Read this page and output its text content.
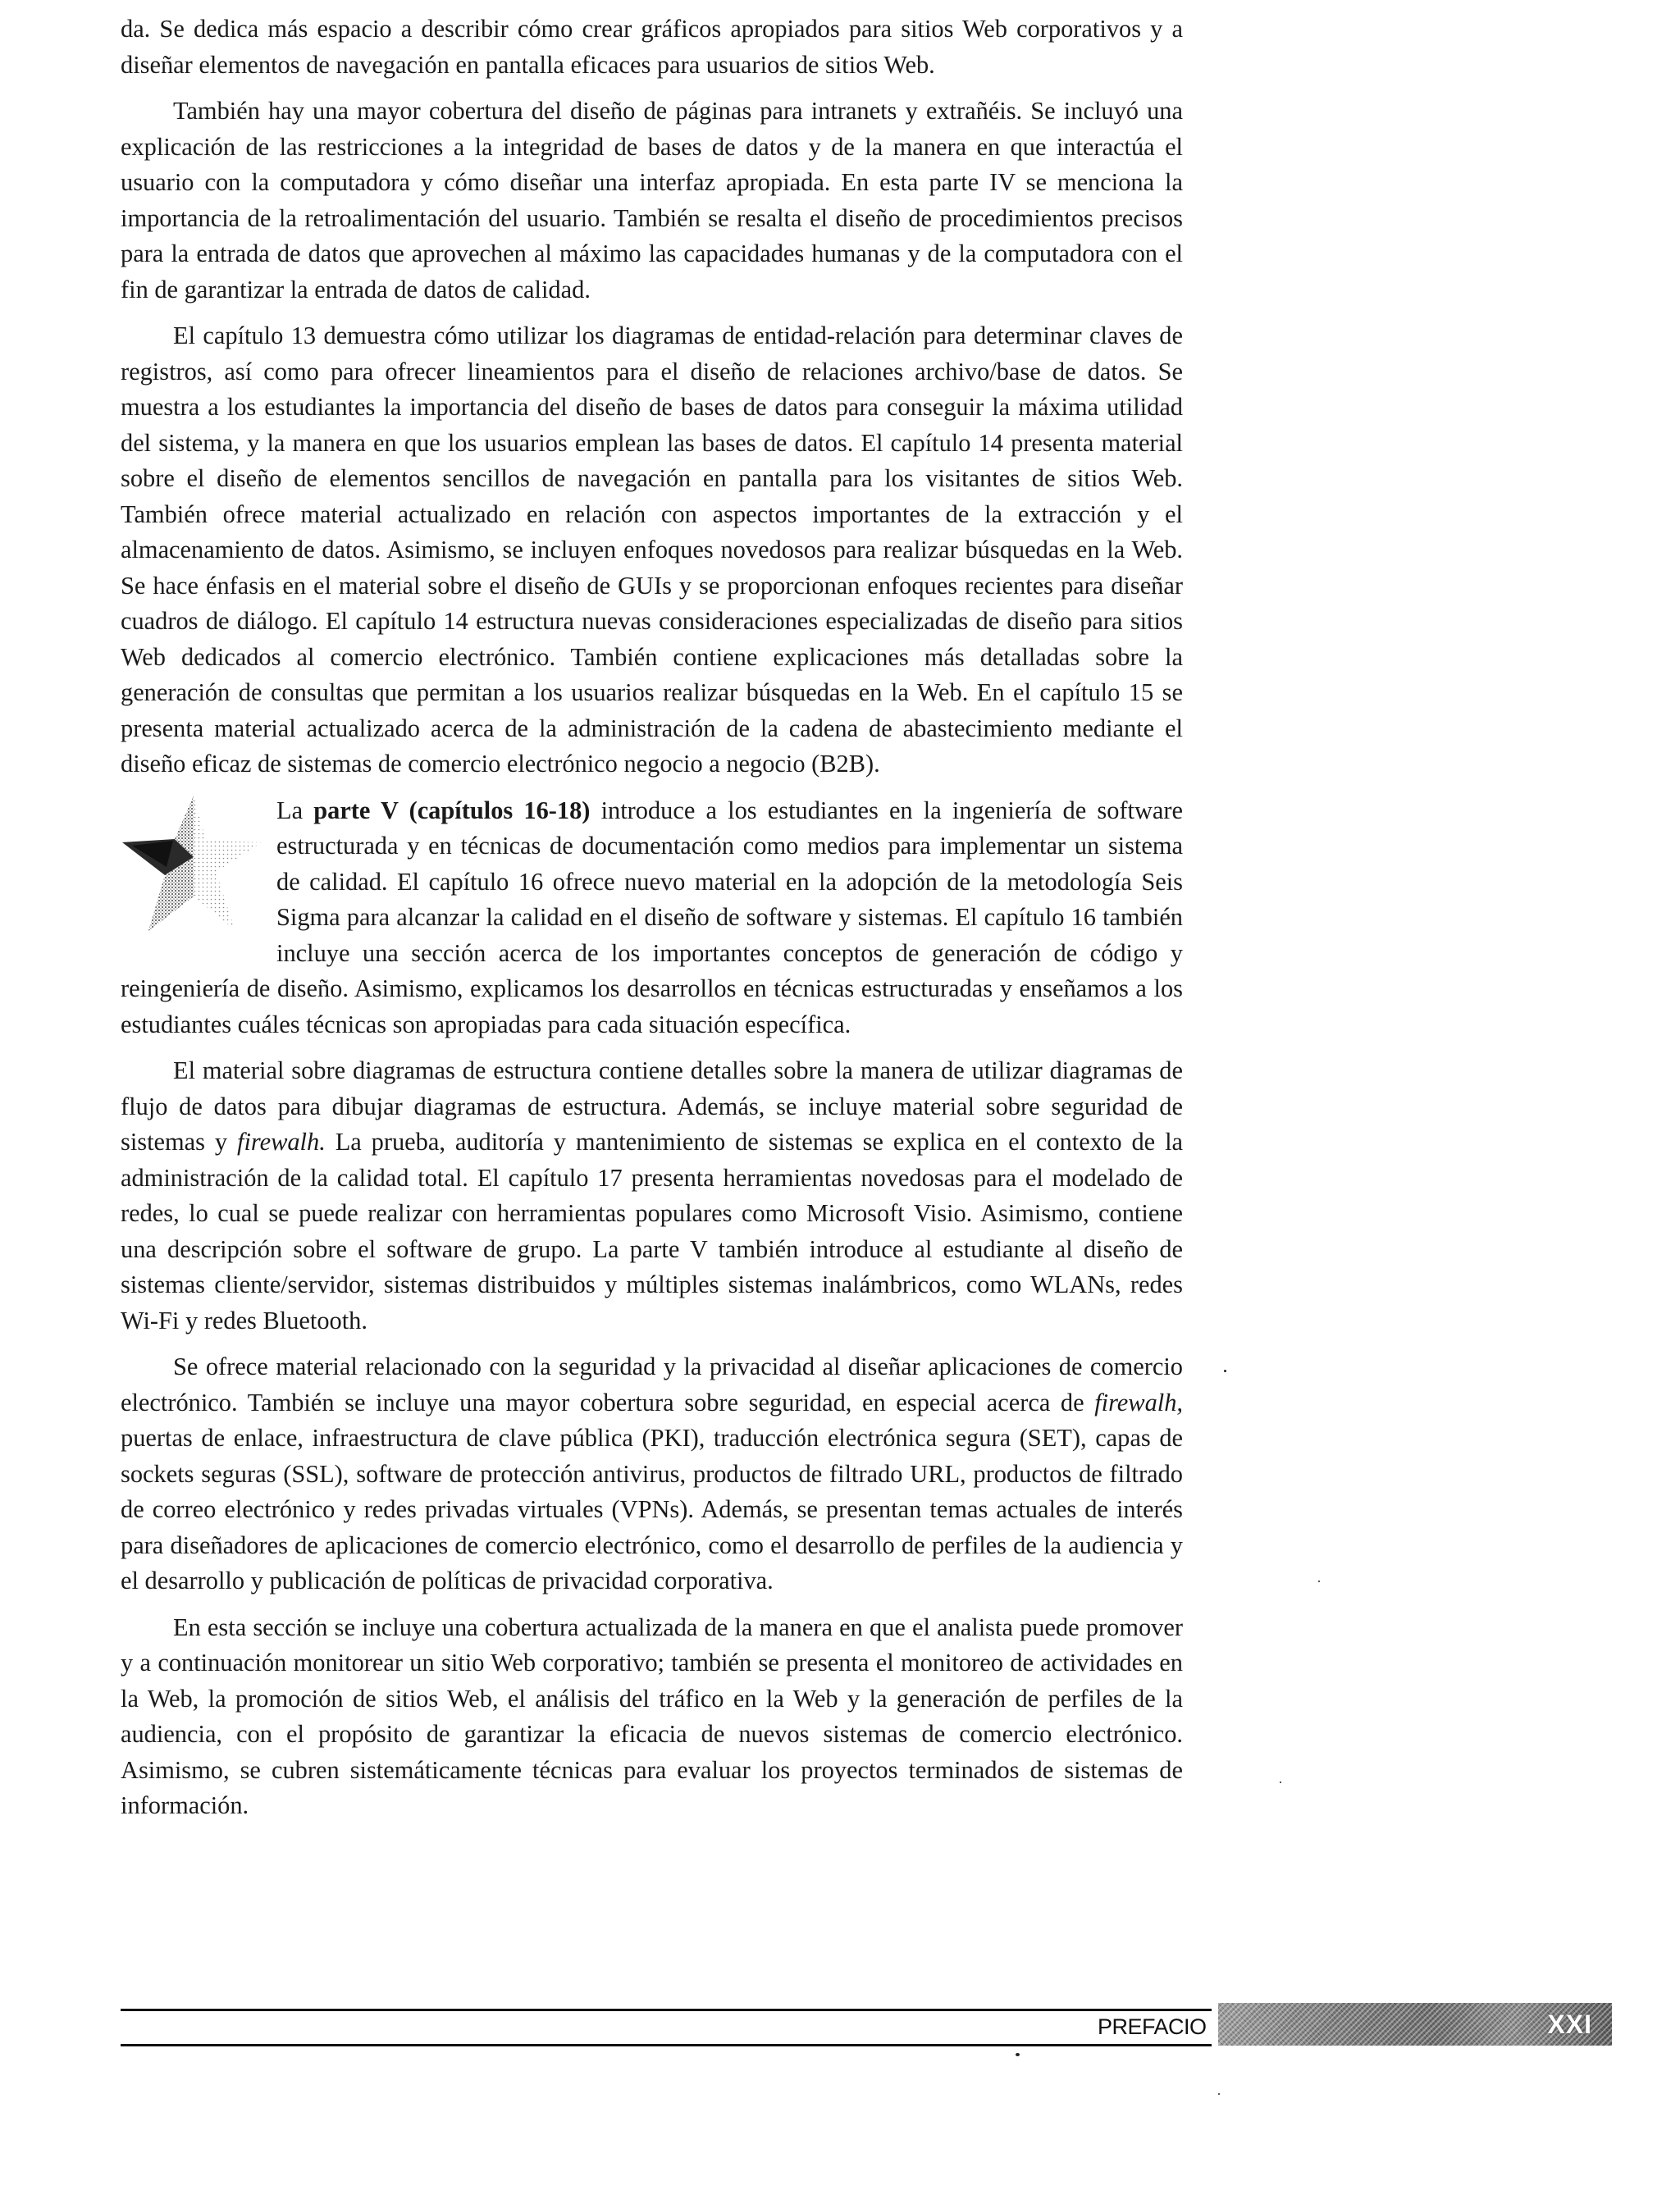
da. Se dedica más espacio a describir cómo crear gráficos apropiados para sitios Web corporativos y a diseñar elementos de navegación en pantalla eficaces para usuarios de sitios Web.

También hay una mayor cobertura del diseño de páginas para intranets y extrañéis. Se incluyó una explicación de las restricciones a la integridad de bases de datos y de la manera en que interactúa el usuario con la computadora y cómo diseñar una interfaz apropiada. En esta parte IV se menciona la importancia de la retroalimentación del usuario. También se resalta el diseño de procedimientos precisos para la entrada de datos que aprovechen al máximo las capacidades humanas y de la computadora con el fin de garantizar la entrada de datos de calidad.

El capítulo 13 demuestra cómo utilizar los diagramas de entidad-relación para determinar claves de registros, así como para ofrecer lineamientos para el diseño de relaciones archivo/base de datos. Se muestra a los estudiantes la importancia del diseño de bases de datos para conseguir la máxima utilidad del sistema, y la manera en que los usuarios emplean las bases de datos. El capítulo 14 presenta material sobre el diseño de elementos sencillos de navegación en pantalla para los visitantes de sitios Web. También ofrece material actualizado en relación con aspectos importantes de la extracción y el almacenamiento de datos. Asimismo, se incluyen enfoques novedosos para realizar búsquedas en la Web. Se hace énfasis en el material sobre el diseño de GUIs y se proporcionan enfoques recientes para diseñar cuadros de diálogo. El capítulo 14 estructura nuevas consideraciones especializadas de diseño para sitios Web dedicados al comercio electrónico. También contiene explicaciones más detalladas sobre la generación de consultas que permitan a los usuarios realizar búsquedas en la Web. En el capítulo 15 se presenta material actualizado acerca de la administración de la cadena de abastecimiento mediante el diseño eficaz de sistemas de comercio electrónico negocio a negocio (B2B).

La parte V (capítulos 16-18) introduce a los estudiantes en la ingeniería de software estructurada y en técnicas de documentación como medios para implementar un sistema de calidad. El capítulo 16 ofrece nuevo material en la adopción de la metodología Seis Sigma para alcanzar la calidad en el diseño de software y sistemas. El capítulo 16 también incluye una sección acerca de los importantes conceptos de generación de código y reingeniería de diseño. Asimismo, explicamos los desarrollos en técnicas estructuradas y enseñamos a los estudiantes cuáles técnicas son apropiadas para cada situación específica.

El material sobre diagramas de estructura contiene detalles sobre la manera de utilizar diagramas de flujo de datos para dibujar diagramas de estructura. Además, se incluye material sobre seguridad de sistemas y firewalh. La prueba, auditoría y mantenimiento de sistemas se explica en el contexto de la administración de la calidad total. El capítulo 17 presenta herramientas novedosas para el modelado de redes, lo cual se puede realizar con herramientas populares como Microsoft Visio. Asimismo, contiene una descripción sobre el software de grupo. La parte V también introduce al estudiante al diseño de sistemas cliente/servidor, sistemas distribuidos y múltiples sistemas inalámbricos, como WLANs, redes Wi-Fi y redes Bluetooth.

Se ofrece material relacionado con la seguridad y la privacidad al diseñar aplicaciones de comercio electrónico. También se incluye una mayor cobertura sobre seguridad, en especial acerca de firewalh, puertas de enlace, infraestructura de clave pública (PKI), traducción electrónica segura (SET), capas de sockets seguras (SSL), software de protección antivirus, productos de filtrado URL, productos de filtrado de correo electrónico y redes privadas virtuales (VPNs). Además, se presentan temas actuales de interés para diseñadores de aplicaciones de comercio electrónico, como el desarrollo de perfiles de la audiencia y el desarrollo y publicación de políticas de privacidad corporativa.

En esta sección se incluye una cobertura actualizada de la manera en que el analista puede promover y a continuación monitorear un sitio Web corporativo; también se presenta el monitoreo de actividades en la Web, la promoción de sitios Web, el análisis del tráfico en la Web y la generación de perfiles de la audiencia, con el propósito de garantizar la eficacia de nuevos sistemas de comercio electrónico. Asimismo, se cubren sistemáticamente técnicas para evaluar los proyectos terminados de sistemas de información.

PREFACIO	XXI
